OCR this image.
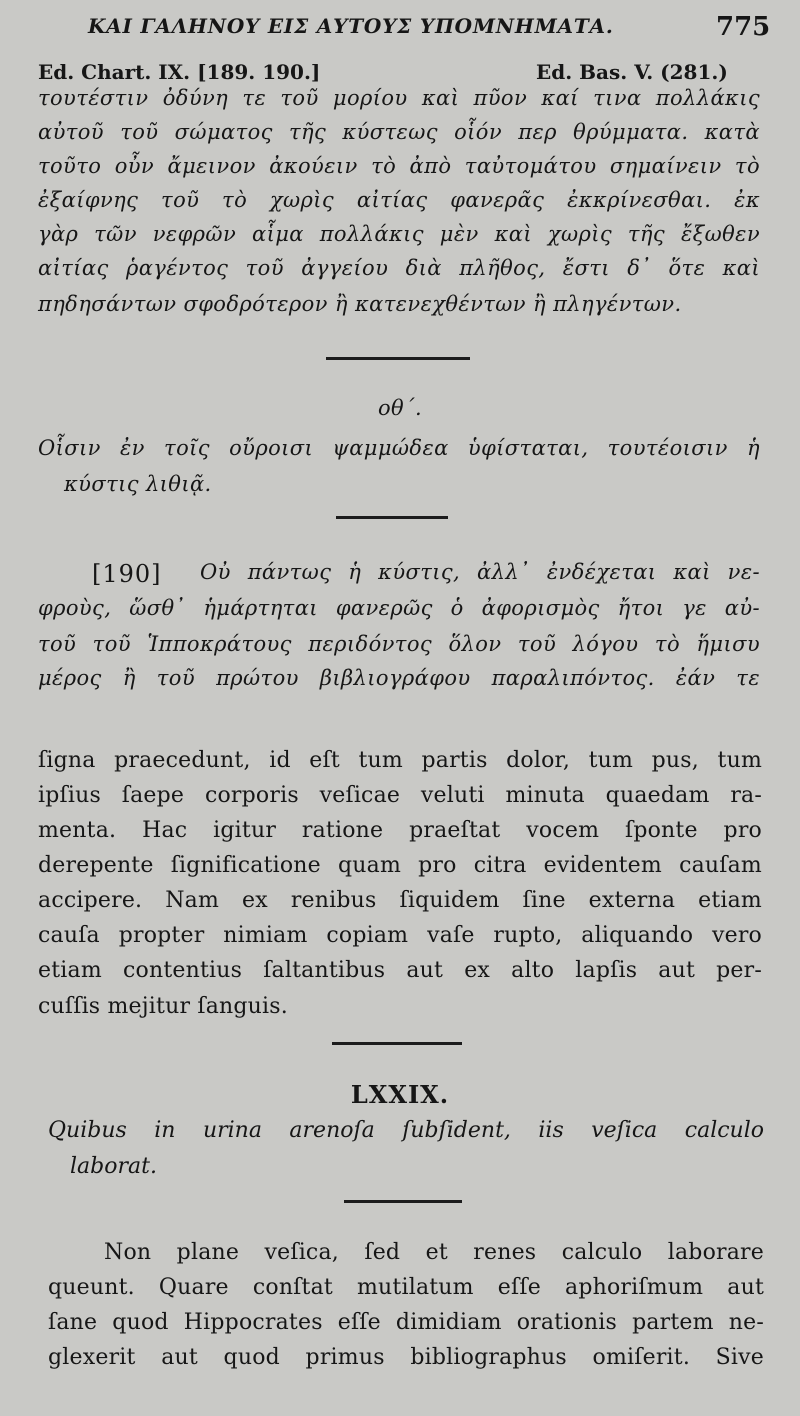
ΚΑΙ ΓΑΛΗΝΟΥ ΕΙΣ ΑΥΤΟΥΣ ΥΠΟΜΝΗΜΑΤΑ.	775
Ed. Chart. IX. [189. 190.]	Ed. Bas. V. (281.)
τουτέστιν ὀδύνη τε τοῦ μορίου καὶ πῦον καί τινα πολλάκις
αὐτοῦ τοῦ σώματος τῆς κύστεως οἷόν περ θρύμματα. κατὰ
τοῦτο οὖν ἄμεινον ἀκούειν τὸ ἀπὸ ταὐτομάτου σημαίνειν τὸ
ἐξαίφνης τοῦ τὸ χωρὶς αἰτίας φανερᾶς ἐκκρίνεσθαι. ἐκ
γὰρ τῶν νεφρῶν αἷμα πολλάκις μὲν καὶ χωρὶς τῆς ἔξωθεν
αἰτίας ῥαγέντος τοῦ ἀγγείου διὰ πλῆθος, ἔστι δ᾽ ὅτε καὶ
πηδησάντων σφοδρότερον ἢ κατενεχθέντων ἢ πληγέντων.
οθ΄.
Οἷσιν ἐν τοῖς οὔροισι ψαμμώδεα ὑφίσταται, τουτέοισιν ἡ
κύστις λιθιᾷ.
[190] Οὐ πάντως ἡ κύστις, ἀλλ᾽ ἐνδέχεται καὶ νε-
φροὺς, ὥσθ᾽ ἡμάρτηται φανερῶς ὁ ἀφορισμὸς ἤτοι γε αὐ-
τοῦ τοῦ Ἱπποκράτους περιδόντος ὅλον τοῦ λόγου τὸ ἥμισυ
μέρος ἢ τοῦ πρώτου βιβλιογράφου παραλιπόντος. ἐάν τε
ſigna praecedunt, id eſt tum partis dolor, tum pus, tum
ipſius ſaepe corporis veſicae veluti minuta quaedam ra-
menta. Hac igitur ratione praeſtat vocem ſponte pro
derepente ſignificatione quam pro citra evidentem cauſam
accipere. Nam ex renibus ſiquidem ſine externa etiam
cauſa propter nimiam copiam vaſe rupto, aliquando vero
etiam contentius ſaltantibus aut ex alto lapſis aut per-
cuſſis mejitur ſanguis.
LXXIX.
Quibus in urina arenoſa ſubſident, iis veſica calculo
laborat.
Non plane veſica, ſed et renes calculo laborare
queunt. Quare conſtat mutilatum eſſe aphoriſmum aut
ſane quod Hippocrates eſſe dimidiam orationis partem ne-
glexerit aut quod primus bibliographus omiſerit. Sive
